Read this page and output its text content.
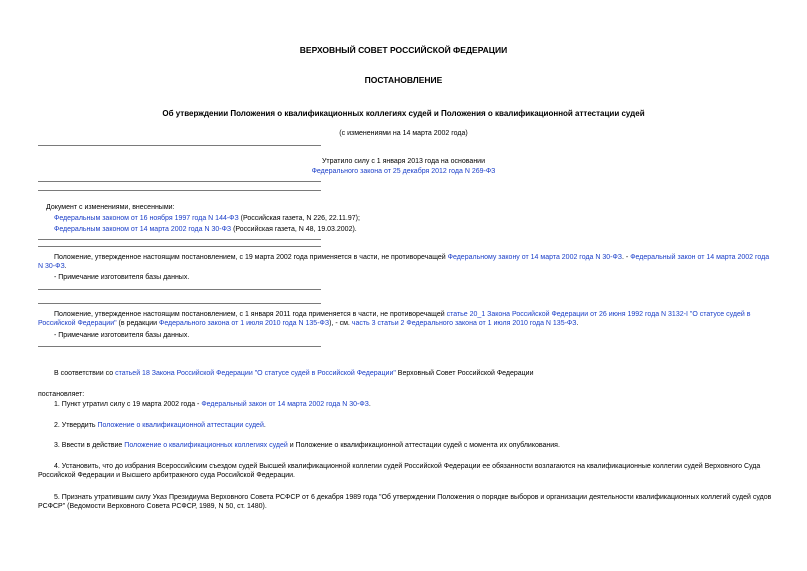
ВЕРХОВНЫЙ СОВЕТ РОССИЙСКОЙ ФЕДЕРАЦИИ
ПОСТАНОВЛЕНИЕ
Об утверждении Положения о квалификационных коллегиях судей и Положения о квалификационной аттестации судей
(с изменениями на 14 марта 2002 года)
Утратило силу с 1 января 2013 года на основании
Федерального закона от 25 декабря 2012 года N 269-ФЗ
Документ с изменениями, внесенными:
Федеральным законом от 16 ноября 1997 года N 144-ФЗ (Российская газета, N 226, 22.11.97);
Федеральным законом от 14 марта 2002 года N 30-ФЗ (Российская газета, N 48, 19.03.2002).
Положение, утвержденное настоящим постановлением, с 19 марта 2002 года применяется в части, не противоречащей Федеральному закону от 14 марта 2002 года N 30-ФЗ. - Федеральный закон от 14 марта 2002 года N 30-ФЗ.
- Примечание изготовителя базы данных.
Положение, утвержденное настоящим постановлением, с 1 января 2011 года применяется в части, не противоречащей статье 20_1 Закона Российской Федерации от 26 июня 1992 года N 3132-I "О статусе судей в Российской Федерации" (в редакции Федерального закона от 1 июля 2010 года N 135-ФЗ), - см. часть 3 статьи 2 Федерального закона от 1 июля 2010 года N 135-ФЗ.
- Примечание изготовителя базы данных.
В соответствии со статьей 18 Закона Российской Федерации "О статусе судей в Российской Федерации" Верховный Совет Российской Федерации
постановляет:
1. Пункт утратил силу с 19 марта 2002 года - Федеральный закон от 14 марта 2002 года N 30-ФЗ.
2. Утвердить Положение о квалификационной аттестации судей.
3. Ввести в действие Положение о квалификационных коллегиях судей и Положение о квалификационной аттестации судей с момента их опубликования.
4. Установить, что до избрания Всероссийским съездом судей Высшей квалификационной коллегии судей Российской Федерации ее обязанности возлагаются на квалификационные коллегии судей Верховного Суда Российской Федерации и Высшего арбитражного суда Российской Федерации.
5. Признать утратившим силу Указ Президиума Верховного Совета РСФСР от 6 декабря 1989 года "Об утверждении Положения о порядке выборов и организации деятельности квалификационных коллегий судей судов РСФСР" (Ведомости Верховного Совета РСФСР, 1989, N 50, ст. 1480).
